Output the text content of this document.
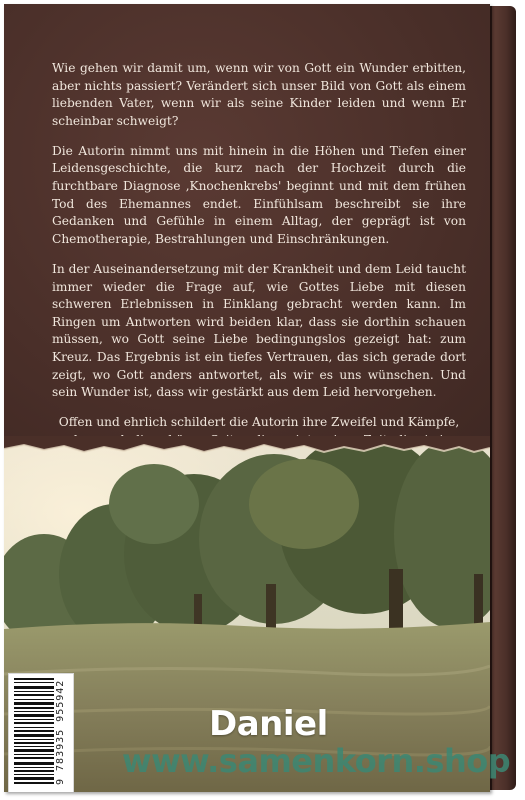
Wie gehen wir damit um, wenn wir von Gott ein Wunder erbitten, aber nichts passiert? Verändert sich unser Bild von Gott als einem liebenden Vater, wenn wir als seine Kinder leiden und wenn Er scheinbar schweigt?

Die Autorin nimmt uns mit hinein in die Höhen und Tiefen einer Leidensgeschichte, die kurz nach der Hochzeit durch die furchtbare Diagnose ‚Knochenkrebs' beginnt und mit dem frühen Tod des Ehemannes endet. Einfühlsam beschreibt sie ihre Gedanken und Gefühle in einem Alltag, der geprägt ist von Chemotherapie, Bestrahlungen und Einschränkungen.

In der Auseinandersetzung mit der Krankheit und dem Leid taucht immer wieder die Frage auf, wie Gottes Liebe mit diesen schweren Erlebnissen in Einklang gebracht werden kann. Im Ringen um Antworten wird beiden klar, dass sie dorthin schauen müssen, wo Gott seine Liebe bedingungslos gezeigt hat: zum Kreuz. Das Ergebnis ist ein tiefes Vertrauen, das sich gerade dort zeigt, wo Gott anders antwortet, als wir es uns wünschen. Und sein Wunder ist, dass wir gestärkt aus dem Leid hervorgehen.

Offen und ehrlich schildert die Autorin ihre Zweifel und Kämpfe,

9 783935 955942	Daniel
www.samenkorn.shop
